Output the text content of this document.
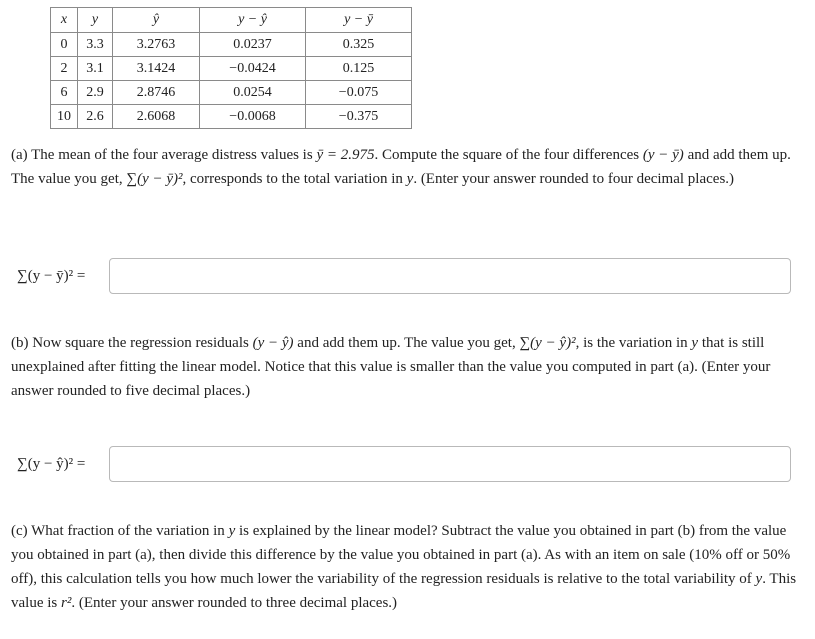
x	y	ŷ	y − ŷ	y − ȳ
0	3.3	3.2763	0.0237	0.325
2	3.1	3.1424	−0.0424	0.125
6	2.9	2.8746	0.0254	−0.075
10	2.6	2.6068	−0.0068	−0.375

(a) The mean of the four average distress values is ȳ = 2.975. Compute the square of the four differences (y − ȳ) and add them up. The value you get, ∑(y − ȳ)², corresponds to the total variation in y. (Enter your answer rounded to four decimal places.)

∑(y − ȳ)² =

(b) Now square the regression residuals (y − ŷ) and add them up. The value you get, ∑(y − ŷ)², is the variation in y that is still unexplained after fitting the linear model. Notice that this value is smaller than the value you computed in part (a). (Enter your answer rounded to five decimal places.)

∑(y − ŷ)² =

(c) What fraction of the variation in y is explained by the linear model? Subtract the value you obtained in part (b) from the value you obtained in part (a), then divide this difference by the value you obtained in part (a). As with an item on sale (10% off or 50% off), this calculation tells you how much lower the variability of the regression residuals is relative to the total variability of y. This value is r². (Enter your answer rounded to three decimal places.)
